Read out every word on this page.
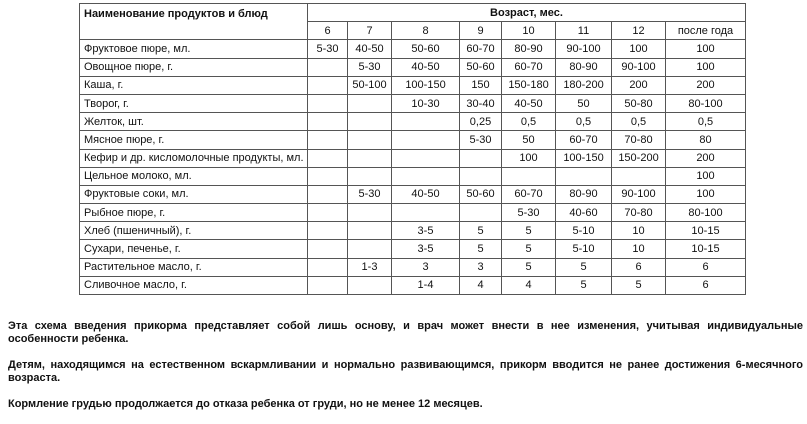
Наименование продуктов и блюд	Возраст, мес.							
	6	7	8	9	10	11	12	после года
Фруктовое пюре, мл.	5-30	40-50	50-60	60-70	80-90	90-100	100	100
Овощное пюре, г.		5-30	40-50	50-60	60-70	80-90	90-100	100
Каша, г.		50-100	100-150	150	150-180	180-200	200	200
Творог, г.			10-30	30-40	40-50	50	50-80	80-100
Желток, шт.				0,25	0,5	0,5	0,5	0,5
Мясное пюре, г.				5-30	50	60-70	70-80	80
Кефир и др. кисломолочные продукты, мл.					100	100-150	150-200	200
Цельное молоко, мл.								100
Фруктовые соки, мл.		5-30	40-50	50-60	60-70	80-90	90-100	100
Рыбное пюре, г.					5-30	40-60	70-80	80-100
Хлеб (пшеничный), г.			3-5	5	5	5-10	10	10-15
Сухари, печенье, г.			3-5	5	5	5-10	10	10-15
Растительное масло, г.		1-3	3	3	5	5	6	6
Сливочное масло, г.			1-4	4	4	5	5	6

Эта схема введения прикорма представляет собой лишь основу, и врач может внести в нее изменения, учитывая индивидуальные особенности ребенка.

Детям, находящимся на естественном вскармливании и нормально развивающимся, прикорм вводится не ранее достижения 6-месячного возраста.

Кормление грудью продолжается до отказа ребенка от груди, но не менее 12 месяцев.
